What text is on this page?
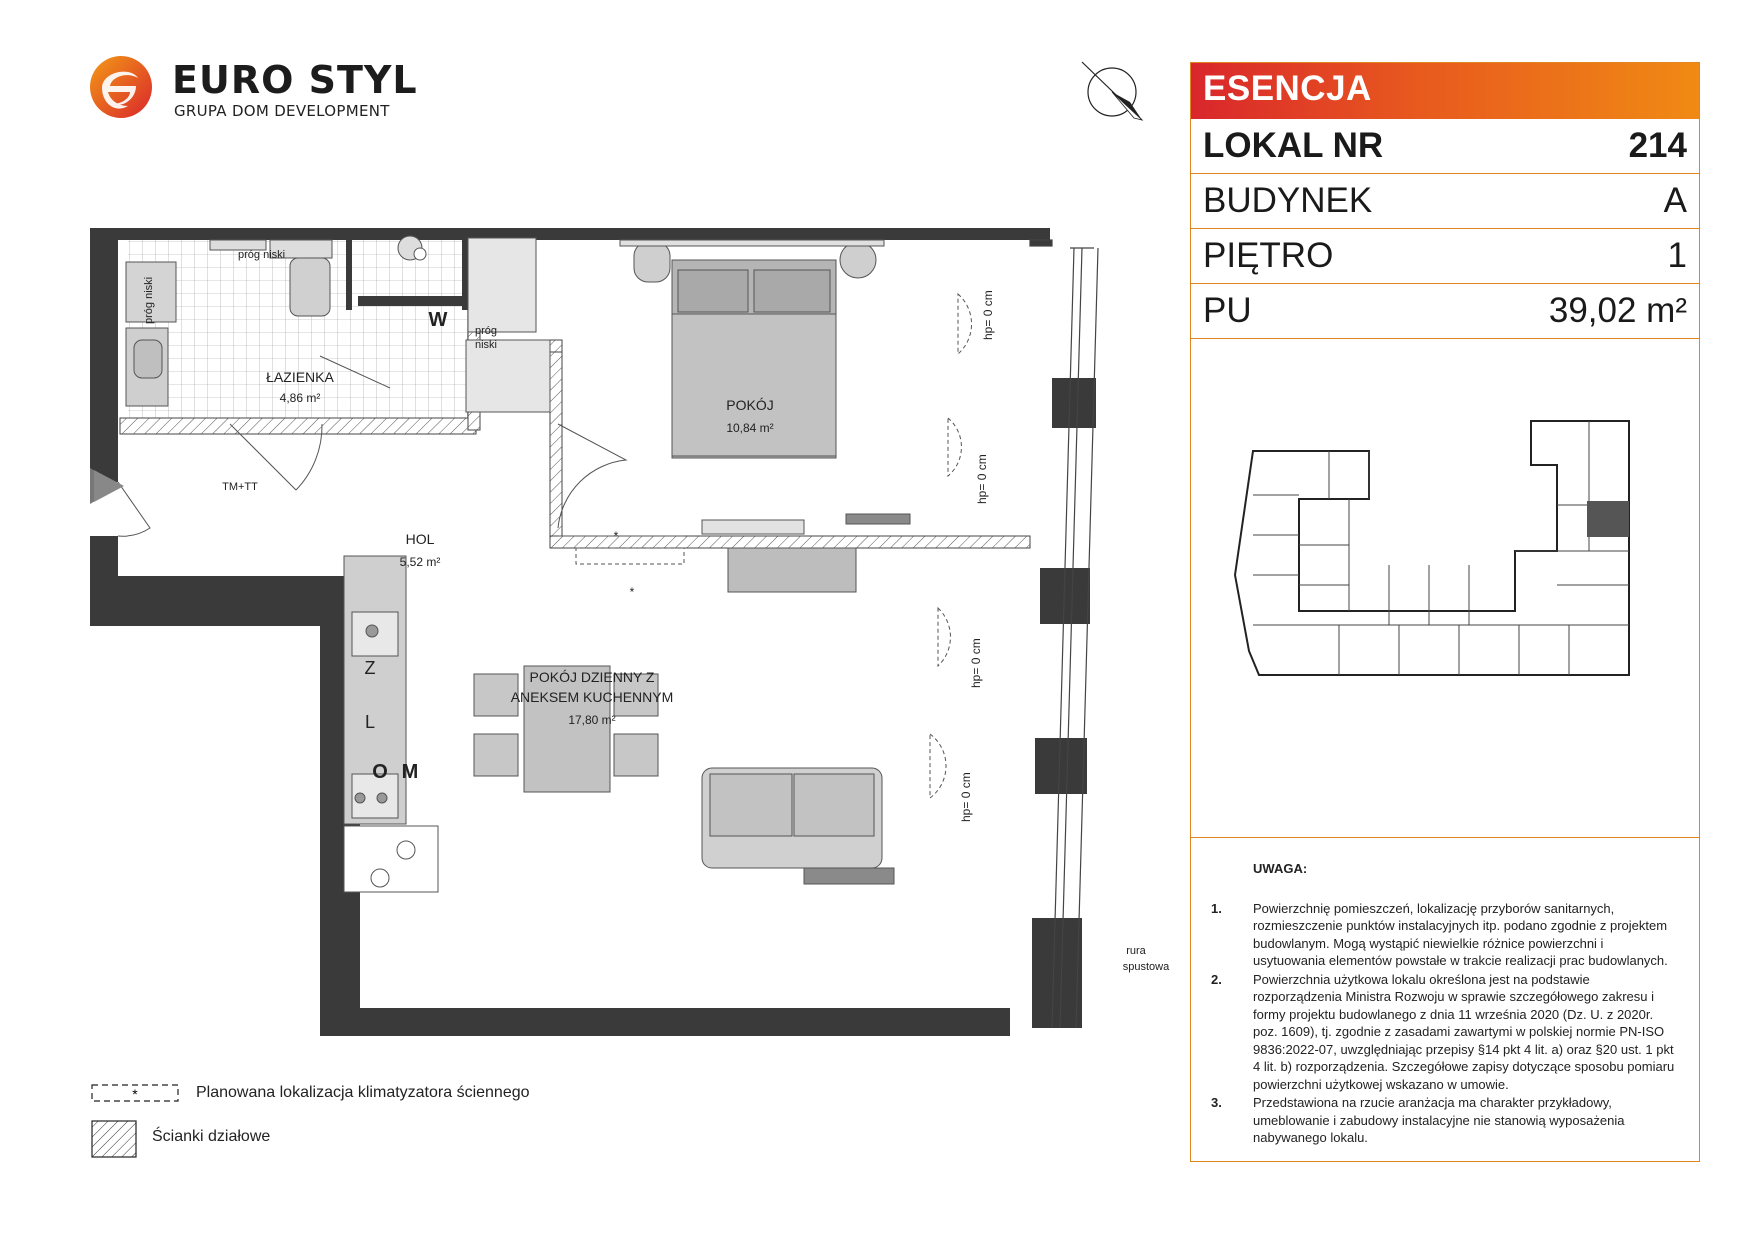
EURO STYL
GRUPA DOM DEVELOPMENT
ŁAZIENKA
4,86 m²	POKÓJ
10,84 m²
HOL
5,52 m²
POKÓJ DZIENNY Z
ANEKSEM KUCHENNYM
17,80 m²
TM+TT
rura
spustowa
próg
niski
*
*
W
Z
L
O M
próg niski
próg niski	hp= 0 cm
hp= 0 cm
hp= 0 cm
hp= 0 cm
ESENCJA
LOKAL NR	214
BUDYNEK	A
PIĘTRO	1
PU	39,02 m²
UWAGA:
1.	Powierzchnię pomieszczeń, lokalizację przyborów sanitarnych, rozmieszczenie punktów instalacyjnych itp. podano zgodnie z projektem budowlanym. Mogą wystąpić niewielkie różnice powierzchni i usytuowania elementów powstałe w trakcie realizacji prac budowlanych.
2.	Powierzchnia użytkowa lokalu określona jest na podstawie rozporządzenia Ministra Rozwoju w sprawie szczegółowego zakresu i formy projektu budowlanego z dnia 11 września 2020 (Dz. U. z 2020r. poz. 1609), tj. zgodnie z zasadami zawartymi w polskiej normie PN-ISO 9836:2022-07, uwzględniając przepisy §14 pkt 4 lit. a) oraz §20 ust. 1 pkt 4 lit. b) rozporządzenia. Szczegółowe zapisy dotyczące sposobu pomiaru powierzchni użytkowej wskazano w umowie.
3.	Przedstawiona na rzucie aranżacja ma charakter przykładowy, umeblowanie i zabudowy instalacyjne nie stanowią wyposażenia nabywanego lokalu.
*	Planowana lokalizacja klimatyzatora ściennego
Ścianki działowe
